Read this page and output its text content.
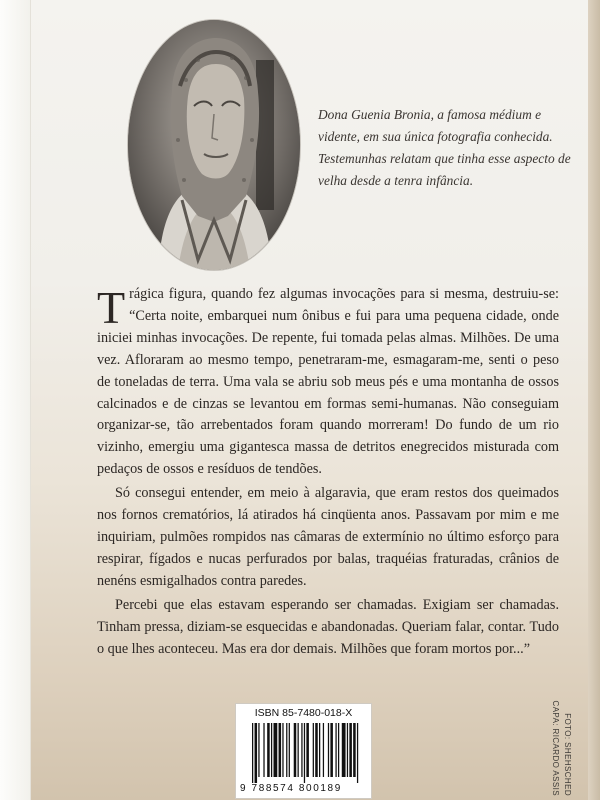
Dona Guenia Bronia, a famosa médium e vidente, em sua única fotografia conhecida. Testemunhas relatam que tinha esse aspecto de velha desde a tenra infância.

Trágica figura, quando fez algumas invocações para si mesma, destruiu-se: “Certa noite, embarquei num ônibus e fui para uma pequena cidade, onde iniciei minhas invocações. De repente, fui tomada pelas almas. Milhões. De uma vez. Afloraram ao mesmo tempo, penetraram-me, esmagaram-me, senti o peso de toneladas de terra. Uma vala se abriu sob meus pés e uma montanha de ossos calcinados e de cinzas se levantou em formas semi-humanas. Não conseguiam organizar-se, tão arrebentados foram quando morreram! Do fundo de um rio vizinho, emergiu uma gigantesca massa de detritos enegrecidos misturada com pedaços de ossos e resíduos de tendões.

Só consegui entender, em meio à algaravia, que eram restos dos queimados nos fornos crematórios, lá atirados há cinqüenta anos. Passavam por mim e me inquiriam, pulmões rompidos nas câmaras de extermínio no último esforço para respirar, fígados e nucas perfurados por balas, traquéias fraturadas, crânios de nenéns esmigalhados contra paredes.

Percebi que elas estavam esperando ser chamadas. Exigiam ser chamadas. Tinham pressa, diziam-se esquecidas e abandonadas. Queriam falar, contar. Tudo o que lhes aconteceu. Mas era dor demais. Milhões que foram mortos por...”

ISBN 85-7480-018-X
9 788574 800189	CAPA: RICARDO ASSIS FOTO: SHEHSCHED
